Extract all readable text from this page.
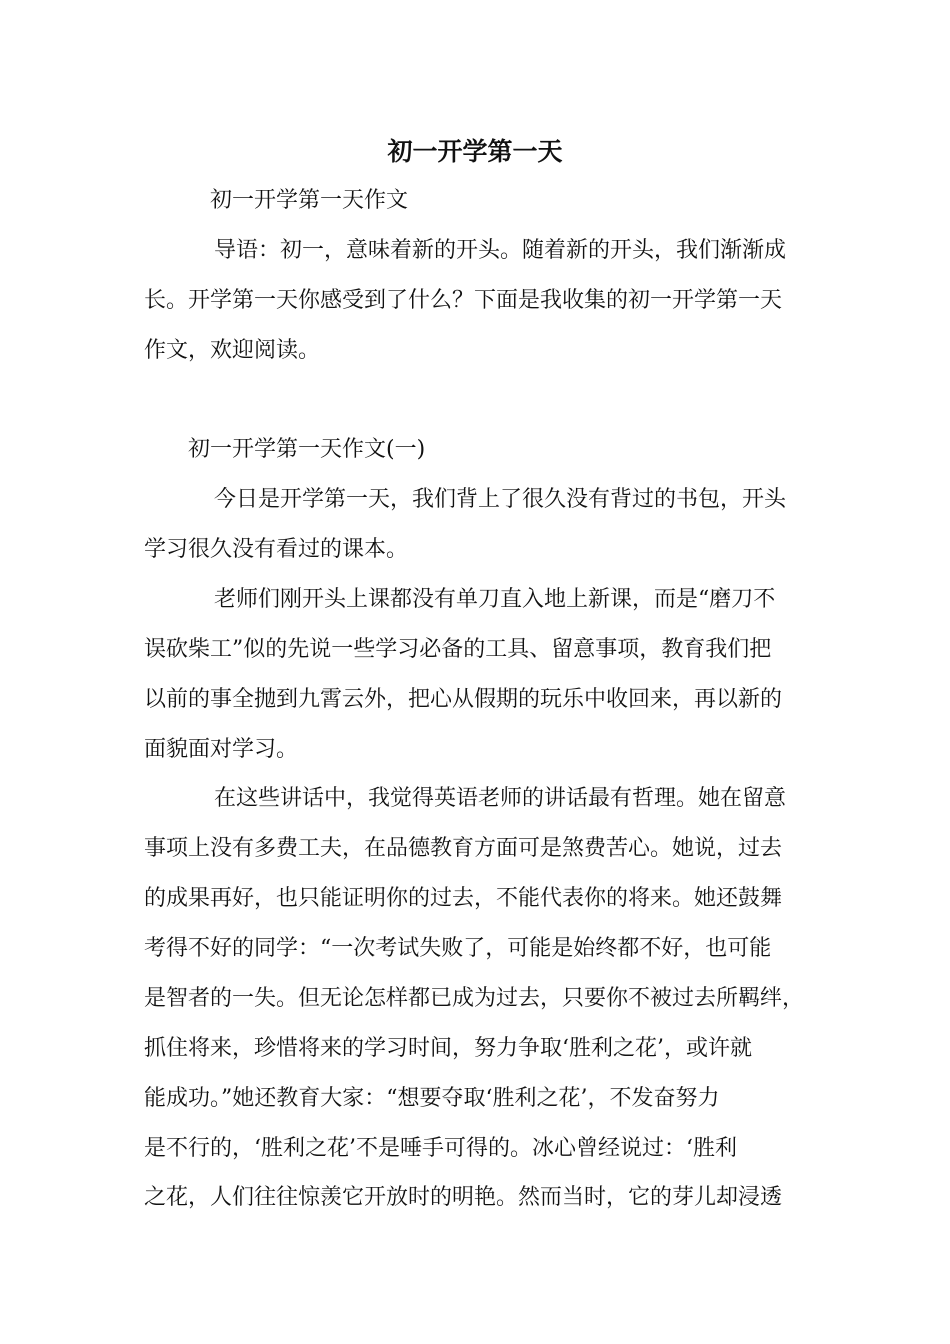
初一开学第一天
初一开学第一天作文
导语：初一，意味着新的开头。随着新的开头，我们渐渐成
长。开学第一天你感受到了什么？下面是我收集的初一开学第一天
作文，欢迎阅读。
初一开学第一天作文(一)
今日是开学第一天，我们背上了很久没有背过的书包，开头
学习很久没有看过的课本。
老师们刚开头上课都没有单刀直入地上新课，而是“磨刀不
误砍柴工”似的先说一些学习必备的工具、留意事项，教育我们把
以前的事全抛到九霄云外，把心从假期的玩乐中收回来，再以新的
面貌面对学习。
在这些讲话中，我觉得英语老师的讲话最有哲理。她在留意
事项上没有多费工夫，在品德教育方面可是煞费苦心。她说，过去
的成果再好，也只能证明你的过去，不能代表你的将来。她还鼓舞
考得不好的同学：“一次考试失败了，可能是始终都不好，也可能
是智者的一失。但无论怎样都已成为过去，只要你不被过去所羁绊，
抓住将来，珍惜将来的学习时间，努力争取‘胜利之花’，或许就
能成功。”她还教育大家：“想要夺取‘胜利之花’，不发奋努力
是不行的，‘胜利之花’不是唾手可得的。冰心曾经说过：‘胜利
之花，人们往往惊羡它开放时的明艳。然而当时，它的芽儿却浸透
